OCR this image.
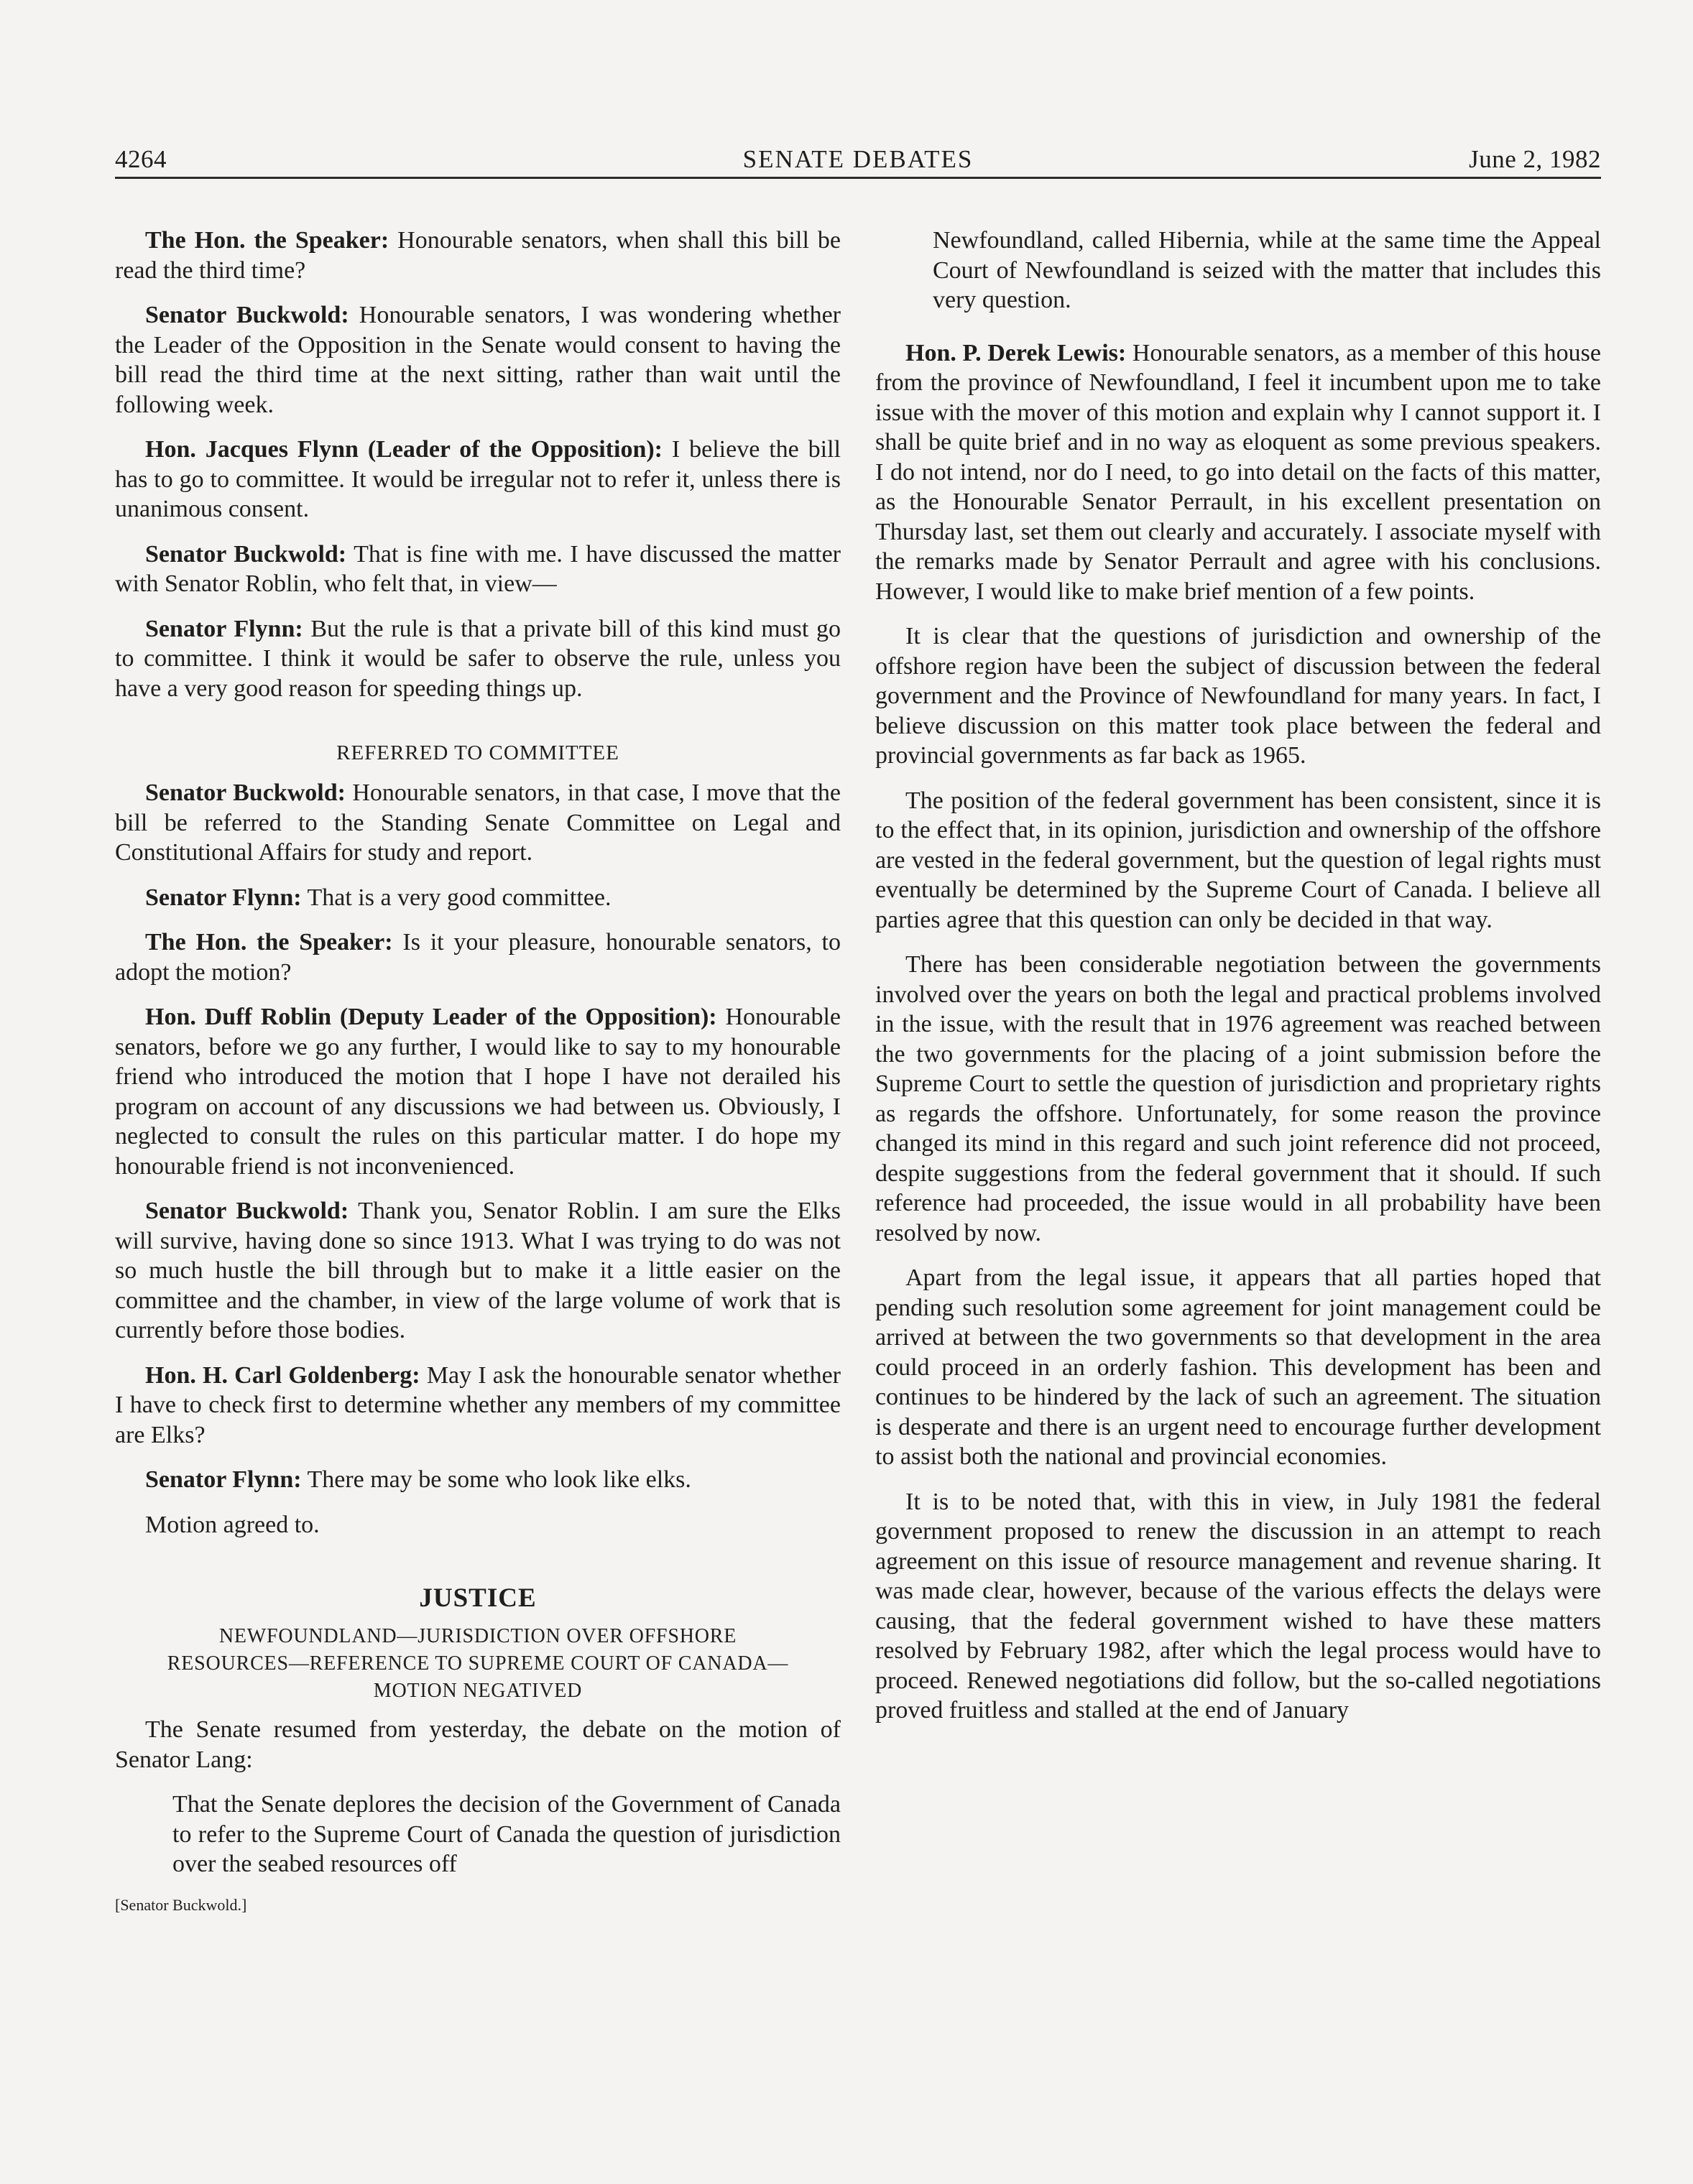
4264	SENATE DEBATES	June 2, 1982

The Hon. the Speaker: Honourable senators, when shall this bill be read the third time?

Senator Buckwold: Honourable senators, I was wondering whether the Leader of the Opposition in the Senate would consent to having the bill read the third time at the next sitting, rather than wait until the following week.

Hon. Jacques Flynn (Leader of the Opposition): I believe the bill has to go to committee. It would be irregular not to refer it, unless there is unanimous consent.

Senator Buckwold: That is fine with me. I have discussed the matter with Senator Roblin, who felt that, in view—

Senator Flynn: But the rule is that a private bill of this kind must go to committee. I think it would be safer to observe the rule, unless you have a very good reason for speeding things up.

REFERRED TO COMMITTEE

Senator Buckwold: Honourable senators, in that case, I move that the bill be referred to the Standing Senate Committee on Legal and Constitutional Affairs for study and report.

Senator Flynn: That is a very good committee.

The Hon. the Speaker: Is it your pleasure, honourable senators, to adopt the motion?

Hon. Duff Roblin (Deputy Leader of the Opposition): Honourable senators, before we go any further, I would like to say to my honourable friend who introduced the motion that I hope I have not derailed his program on account of any discussions we had between us. Obviously, I neglected to consult the rules on this particular matter. I do hope my honourable friend is not inconvenienced.

Senator Buckwold: Thank you, Senator Roblin. I am sure the Elks will survive, having done so since 1913. What I was trying to do was not so much hustle the bill through but to make it a little easier on the committee and the chamber, in view of the large volume of work that is currently before those bodies.

Hon. H. Carl Goldenberg: May I ask the honourable senator whether I have to check first to determine whether any members of my committee are Elks?

Senator Flynn: There may be some who look like elks.

Motion agreed to.

JUSTICE
NEWFOUNDLAND—JURISDICTION OVER OFFSHORE
RESOURCES—REFERENCE TO SUPREME COURT OF CANADA—
MOTION NEGATIVED

The Senate resumed from yesterday, the debate on the motion of Senator Lang:

That the Senate deplores the decision of the Government of Canada to refer to the Supreme Court of Canada the question of jurisdiction over the seabed resources off

[Senator Buckwold.]

Newfoundland, called Hibernia, while at the same time the Appeal Court of Newfoundland is seized with the matter that includes this very question.

Hon. P. Derek Lewis: Honourable senators, as a member of this house from the province of Newfoundland, I feel it incumbent upon me to take issue with the mover of this motion and explain why I cannot support it. I shall be quite brief and in no way as eloquent as some previous speakers. I do not intend, nor do I need, to go into detail on the facts of this matter, as the Honourable Senator Perrault, in his excellent presentation on Thursday last, set them out clearly and accurately. I associate myself with the remarks made by Senator Perrault and agree with his conclusions. However, I would like to make brief mention of a few points.

It is clear that the questions of jurisdiction and ownership of the offshore region have been the subject of discussion between the federal government and the Province of Newfoundland for many years. In fact, I believe discussion on this matter took place between the federal and provincial governments as far back as 1965.

The position of the federal government has been consistent, since it is to the effect that, in its opinion, jurisdiction and ownership of the offshore are vested in the federal government, but the question of legal rights must eventually be determined by the Supreme Court of Canada. I believe all parties agree that this question can only be decided in that way.

There has been considerable negotiation between the governments involved over the years on both the legal and practical problems involved in the issue, with the result that in 1976 agreement was reached between the two governments for the placing of a joint submission before the Supreme Court to settle the question of jurisdiction and proprietary rights as regards the offshore. Unfortunately, for some reason the province changed its mind in this regard and such joint reference did not proceed, despite suggestions from the federal government that it should. If such reference had proceeded, the issue would in all probability have been resolved by now.

Apart from the legal issue, it appears that all parties hoped that pending such resolution some agreement for joint management could be arrived at between the two governments so that development in the area could proceed in an orderly fashion. This development has been and continues to be hindered by the lack of such an agreement. The situation is desperate and there is an urgent need to encourage further development to assist both the national and provincial economies.

It is to be noted that, with this in view, in July 1981 the federal government proposed to renew the discussion in an attempt to reach agreement on this issue of resource management and revenue sharing. It was made clear, however, because of the various effects the delays were causing, that the federal government wished to have these matters resolved by February 1982, after which the legal process would have to proceed. Renewed negotiations did follow, but the so-called negotiations proved fruitless and stalled at the end of January
